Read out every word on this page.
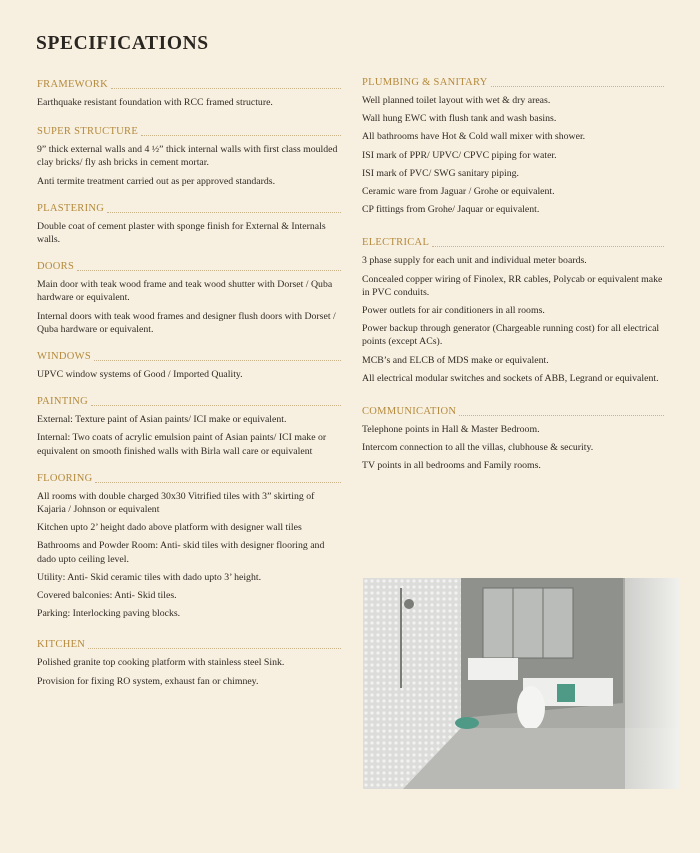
SPECIFICATIONS
FRAMEWORK

Earthquake resistant foundation with RCC framed structure.

SUPER STRUCTURE

9” thick external walls and 4 ½” thick internal walls with first class moulded clay bricks/ fly ash bricks in cement mortar.

Anti termite treatment carried out as per approved standards.

PLASTERING

Double coat of cement plaster with sponge finish for External & Internals walls.

DOORS

Main door with teak wood frame and teak wood shutter with Dorset / Quba hardware or equivalent.

Internal doors with teak wood frames and designer flush doors with Dorset / Quba hardware or equivalent.

WINDOWS

UPVC window systems of Good / Imported Quality.

PAINTING

External: Texture paint of Asian paints/ ICI make or equivalent.

Internal: Two coats of acrylic emulsion paint of Asian paints/ ICI make or equivalent on smooth finished walls with Birla wall care or equivalent

FLOORING

All rooms with double charged 30x30 Vitrified tiles with 3” skirting of Kajaria / Johnson or equivalent

Kitchen upto 2’ height dado above platform with designer wall tiles

Bathrooms and Powder Room: Anti- skid tiles with designer flooring and dado upto ceiling level.

Utility: Anti- Skid ceramic tiles with dado upto 3’ height.

Covered balconies: Anti- Skid tiles.

Parking: Interlocking paving blocks.

KITCHEN

Polished granite top cooking platform with stainless steel Sink.

Provision for fixing RO system, exhaust fan or chimney.

PLUMBING & SANITARY

Well planned toilet layout with wet & dry areas.

Wall hung EWC with flush tank and wash basins.

All bathrooms have Hot & Cold wall mixer with shower.

ISI mark of PPR/ UPVC/ CPVC piping for water.

ISI mark of PVC/ SWG sanitary piping.

Ceramic ware from Jaguar / Grohe or equivalent.

CP fittings from Grohe/ Jaquar or equivalent.

ELECTRICAL

3 phase supply for each unit and individual meter boards.

Concealed copper wiring of Finolex, RR cables, Polycab or equivalent make in PVC conduits.

Power outlets for air conditioners in all rooms.

Power backup through generator (Chargeable running cost) for all electrical points (except ACs).

MCB’s and ELCB of MDS make or equivalent.

All electrical modular switches and sockets of ABB, Legrand or equivalent.

COMMUNICATION

Telephone points in Hall & Master Bedroom.

Intercom connection to all the villas, clubhouse & security.

TV points in all bedrooms and Family rooms.
